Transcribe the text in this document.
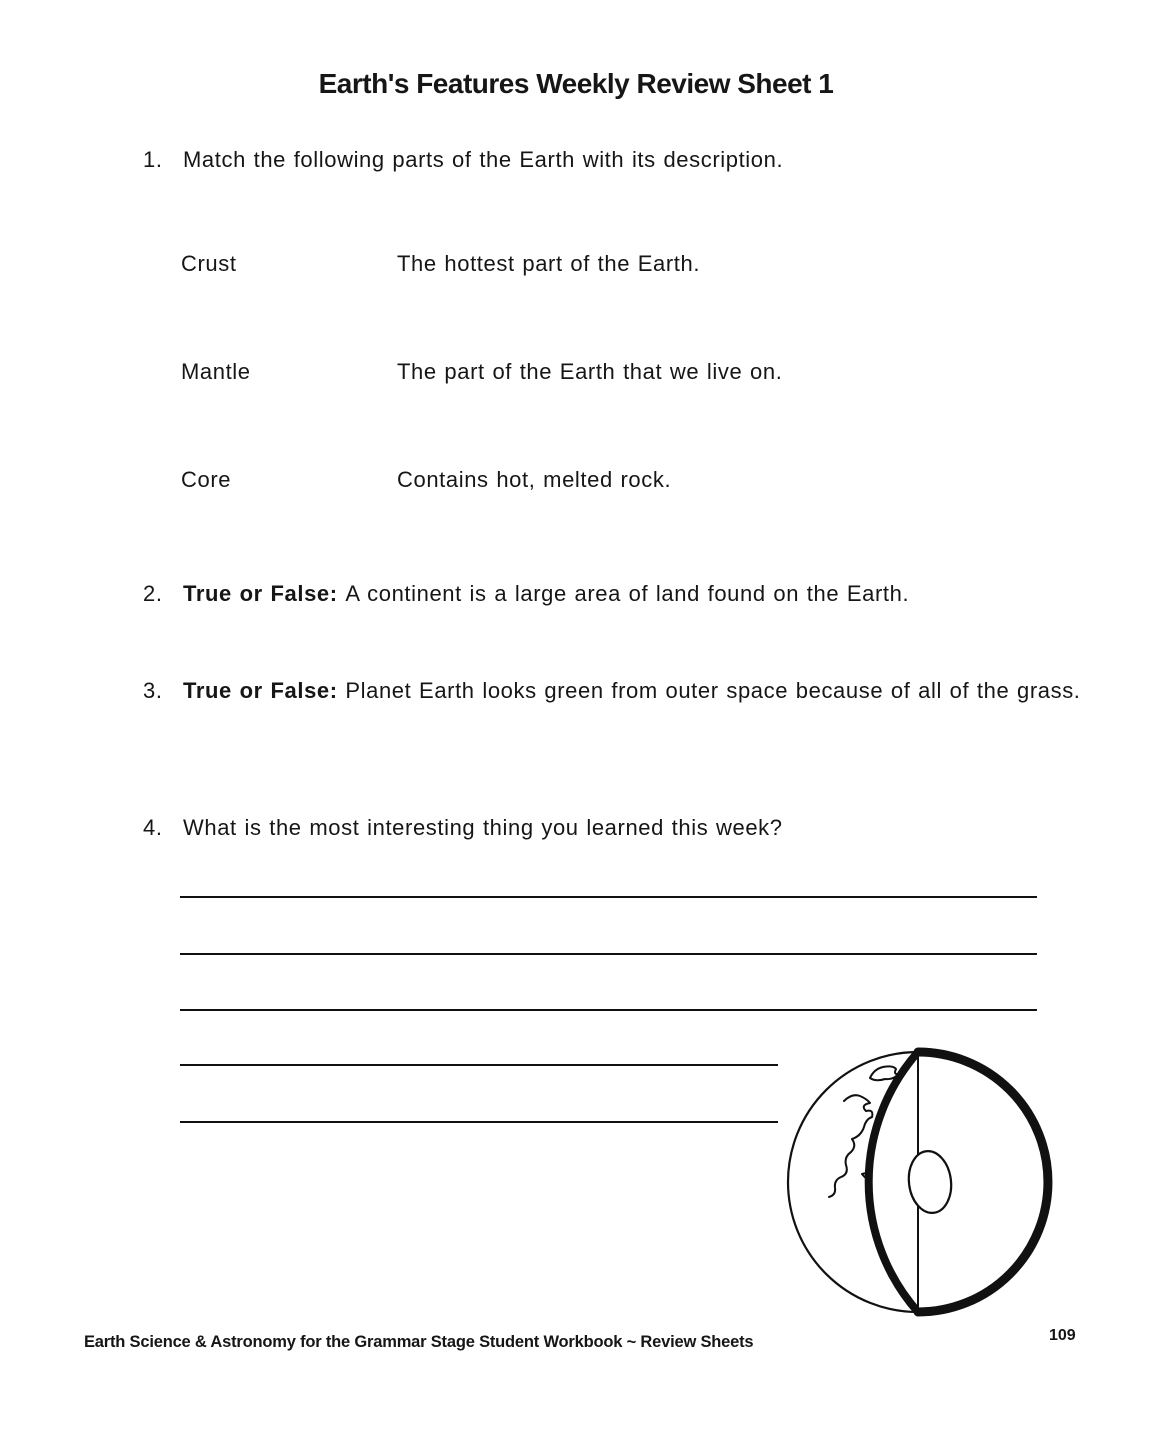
Earth's Features Weekly Review Sheet 1
1. Match the following parts of the Earth with its description.
Crust	The hottest part of the Earth.
Mantle	The part of the Earth that we live on.
Core	Contains hot, melted rock.
2. True or False: A continent is a large area of land found on the Earth.
3. True or False: Planet Earth looks green from outer space because of all of the grass.
4. What is the most interesting thing you learned this week?
Earth Science & Astronomy for the Grammar Stage Student Workbook ~ Review Sheets	109
